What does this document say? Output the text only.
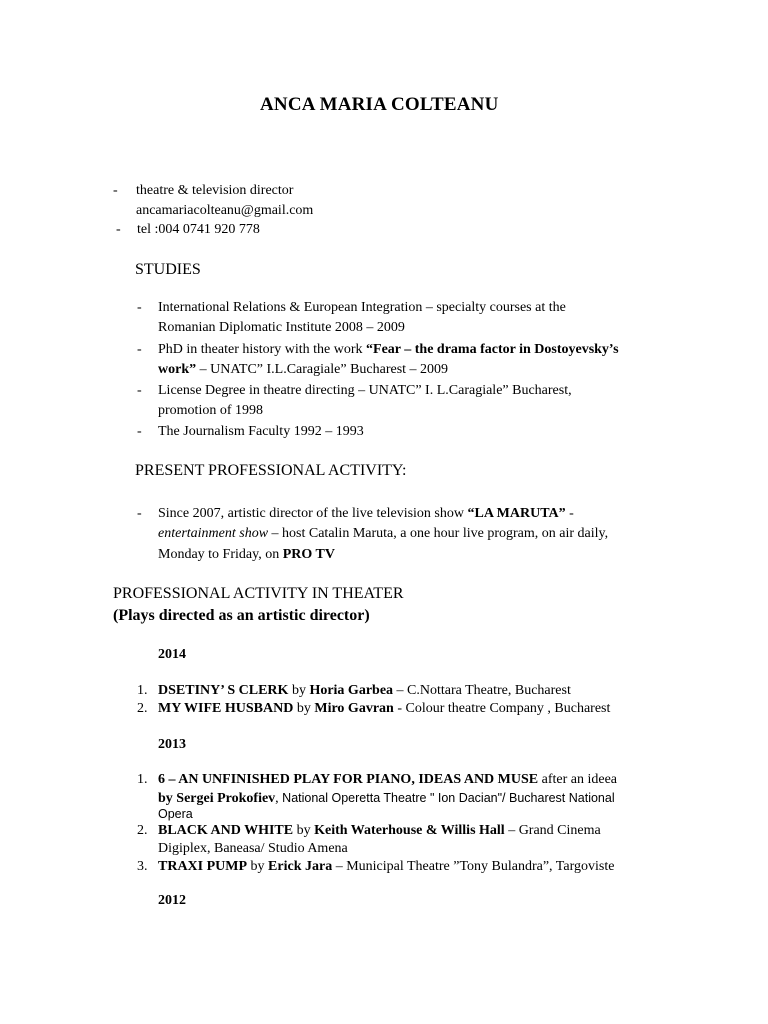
ANCA MARIA COLTEANU
- theatre & television director
ancamariacolteanu@gmail.com
- tel :004 0741 920 778
STUDIES
- International Relations & European Integration – specialty courses at the
Romanian Diplomatic Institute 2008 – 2009
- PhD in theater history with the work “Fear – the drama factor in Dostoyevsky’s
work” – UNATC” I.L.Caragiale” Bucharest – 2009
- License Degree in theatre directing – UNATC” I. L.Caragiale” Bucharest,
promotion of 1998
- The Journalism Faculty 1992 – 1993
PRESENT PROFESSIONAL ACTIVITY:
- Since 2007, artistic director of the live television show “LA MARUTA” -
entertainment show – host Catalin Maruta, a one hour live program, on air daily,
Monday to Friday, on PRO TV
PROFESSIONAL ACTIVITY IN THEATER
(Plays directed as an artistic director)
2014
1. DSETINY’ S CLERK by Horia Garbea – C.Nottara Theatre, Bucharest
2. MY WIFE HUSBAND by Miro Gavran - Colour theatre Company , Bucharest
2013
1. 6 – AN UNFINISHED PLAY FOR PIANO, IDEAS AND MUSE after an ideea
by Sergei Prokofiev, National Operetta Theatre " Ion Dacian"/ Bucharest National
Opera
2. BLACK AND WHITE by Keith Waterhouse & Willis Hall – Grand Cinema
Digiplex, Baneasa/ Studio Amena
3. TRAXI PUMP by Erick Jara – Municipal Theatre ”Tony Bulandra”, Targoviste
2012
